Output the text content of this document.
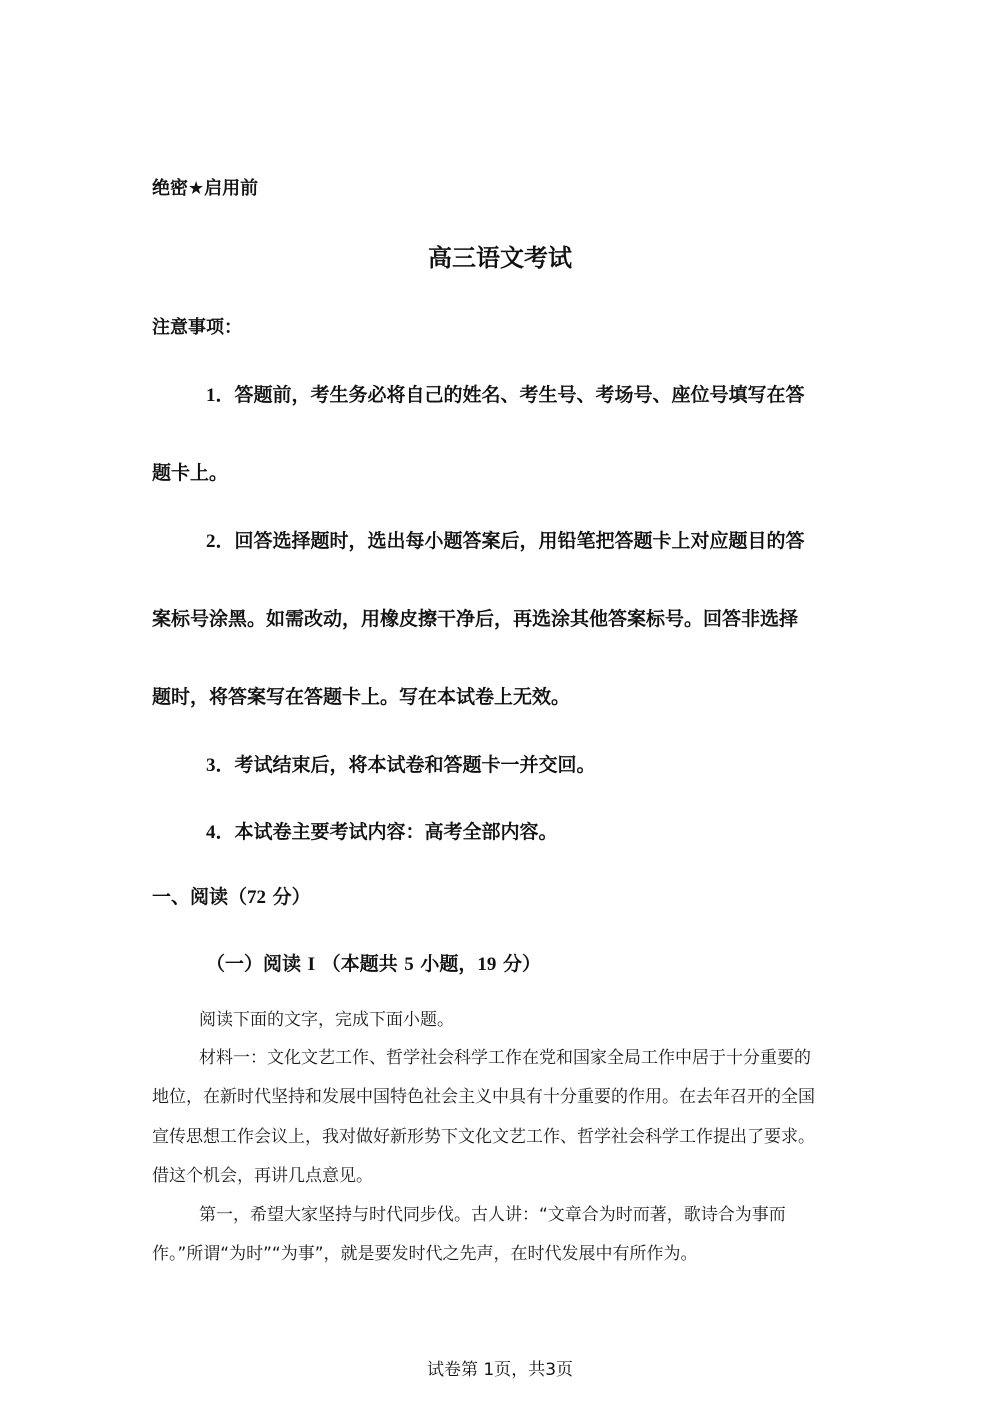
绝密★启用前
高三语文考试
注意事项：
1．答题前，考生务必将自己的姓名、考生号、考场号、座位号填写在答
题卡上。
2．回答选择题时，选出每小题答案后，用铅笔把答题卡上对应题目的答
案标号涂黑。如需改动，用橡皮擦干净后，再选涂其他答案标号。回答非选择
题时，将答案写在答题卡上。写在本试卷上无效。
3．考试结束后，将本试卷和答题卡一并交回。
4．本试卷主要考试内容：高考全部内容。
一、阅读（72 分）
（一）阅读 I （本题共 5 小题，19 分）
阅读下面的文字，完成下面小题。
材料一：文化文艺工作、哲学社会科学工作在党和国家全局工作中居于十分重要的
地位，在新时代坚持和发展中国特色社会主义中具有十分重要的作用。在去年召开的全国
宣传思想工作会议上，我对做好新形势下文化文艺工作、哲学社会科学工作提出了要求。
借这个机会，再讲几点意见。
第一，希望大家坚持与时代同步伐。古人讲：“文章合为时而著，歌诗合为事而
作。”所谓“为时”“为事”，就是要发时代之先声，在时代发展中有所作为。
试卷第 1页，共3页
